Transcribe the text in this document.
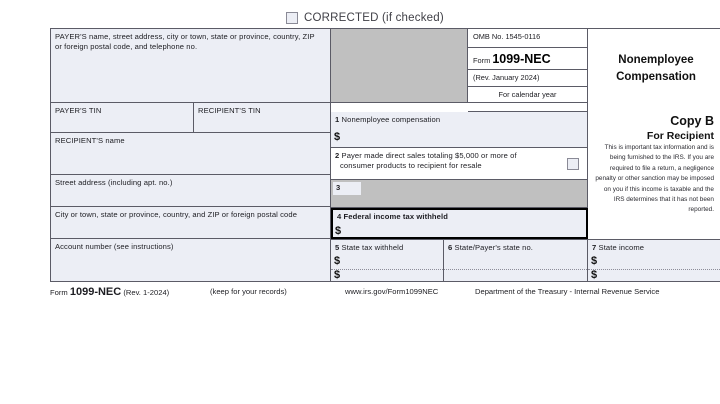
CORRECTED (if checked)
PAYER'S name, street address, city or town, state or province, country, ZIP
or foreign postal code, and telephone no.
PAYER'S TIN	RECIPIENT'S TIN
RECIPIENT'S name
Street address (including apt. no.)
City or town, state or province, country, and ZIP or foreign postal code
Account number (see instructions)
OMB No. 1545-0116
Form 1099-NEC
(Rev. January 2024)
For calendar year
1 Nonemployee compensation
$
2 Payer made direct sales totaling $5,000 or more of
consumer products to recipient for resale
3
4 Federal income tax withheld
$
5 State tax withheld
$
$
6 State/Payer's state no.	7 State income
$
$
Nonemployee
Compensation
Copy B
For Recipient
This is important tax information and is being furnished to the IRS. If you are required to file a return, a negligence penalty or other sanction may be imposed on you if this income is taxable and the IRS determines that it has not been reported.
Form 1099-NEC (Rev. 1-2024)	(keep for your records)	www.irs.gov/Form1099NEC	Department of the Treasury - Internal Revenue Service
